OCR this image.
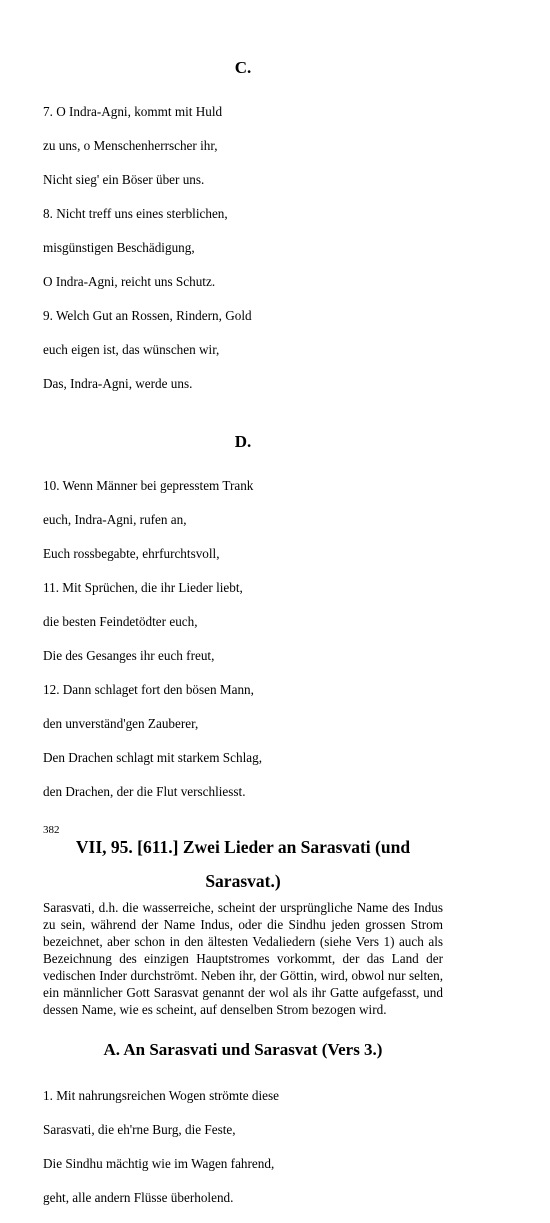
C.

7. O Indra-Agni, kommt mit Huld

zu uns, o Menschenherrscher ihr,

Nicht sieg' ein Böser über uns.

8. Nicht treff uns eines sterblichen,

misgünstigen Beschädigung,

O Indra-Agni, reicht uns Schutz.

9. Welch Gut an Rossen, Rindern, Gold

euch eigen ist, das wünschen wir,

Das, Indra-Agni, werde uns.

D.

10. Wenn Männer bei gepresstem Trank

euch, Indra-Agni, rufen an,

Euch rossbegabte, ehrfurchtsvoll,

11. Mit Sprüchen, die ihr Lieder liebt,

die besten Feindetödter euch,

Die des Gesanges ihr euch freut,

12. Dann schlaget fort den bösen Mann,

den unverständ'gen Zauberer,

Den Drachen schlagt mit starkem Schlag,

den Drachen, der die Flut verschliesst.

VII, 95. [611.] Zwei Lieder an Sarasvati (und
Sarasvat.)
Sarasvati, d.h. die wasserreiche, scheint der ursprüngliche Name des Indus zu sein, während der Name Indus, oder die Sindhu jeden grossen Strom bezeichnet, aber schon in den ältesten Vedaliedern (siehe Vers 1) auch als Bezeichnung des einzigen Hauptstromes vorkommt, der das Land der vedischen Inder durchströmt. Neben ihr, der Göttin, wird, obwol nur selten, ein männlicher Gott Sarasvat genannt der wol als ihr Gatte aufgefasst, und dessen Name, wie es scheint, auf denselben Strom bezogen wird.
A. An Sarasvati und Sarasvat (Vers 3.)

1. Mit nahrungsreichen Wogen strömte diese

Sarasvati, die eh'rne Burg, die Feste,

Die Sindhu mächtig wie im Wagen fahrend,

geht, alle andern Flüsse überholend.

382
